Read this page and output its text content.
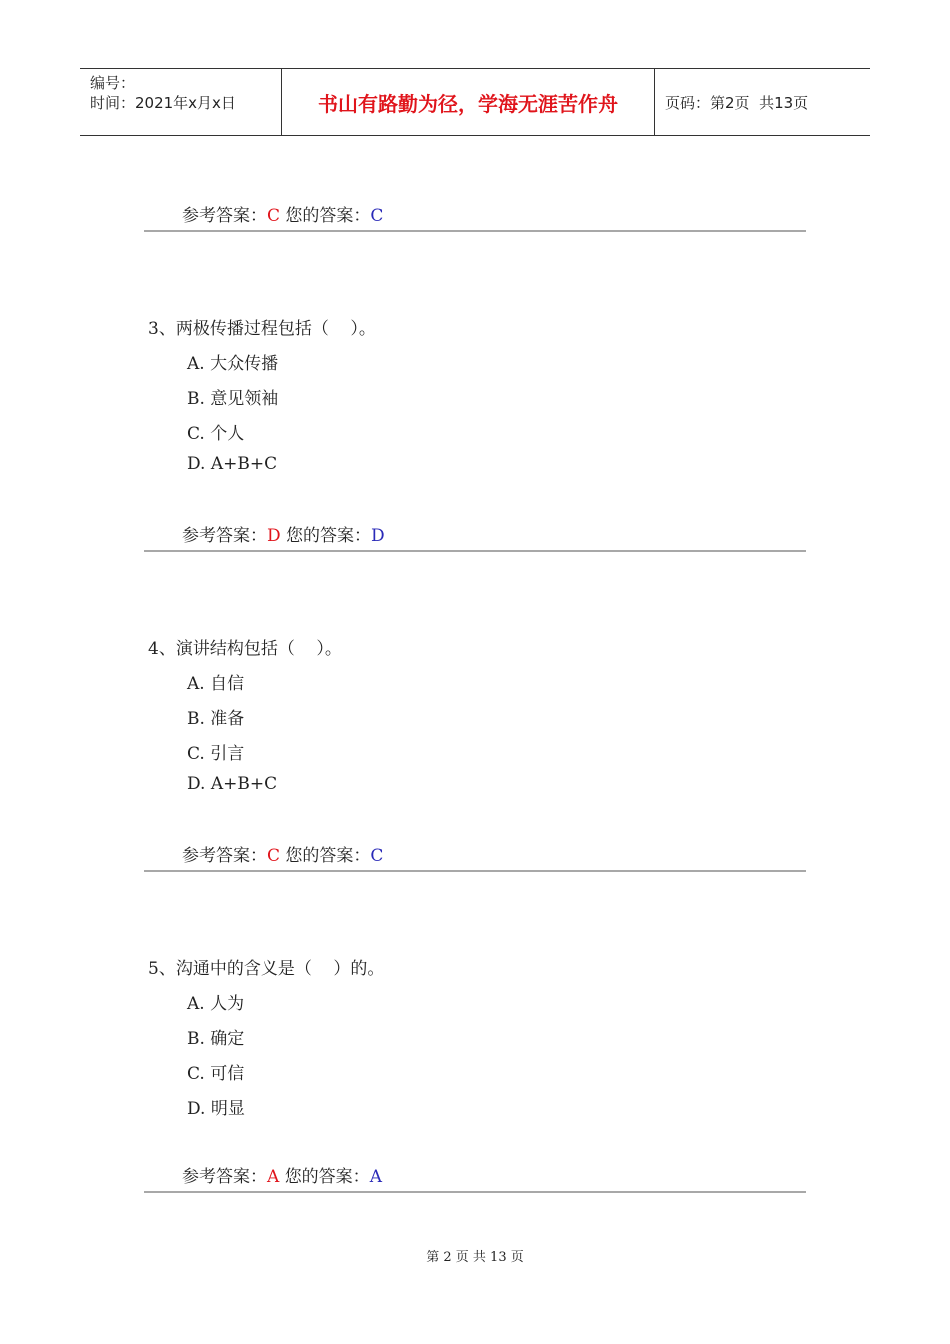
编号：
时间：2021年x月x日	书山有路勤为径，学海无涯苦作舟	页码：第2页  共13页
参考答案：C 您的答案：C
3、两极传播过程包括（    ）。
A. 大众传播
B. 意见领袖
C. 个人
D. A+B+C
参考答案：D 您的答案：D
4、演讲结构包括（    ）。
A. 自信
B. 准备
C. 引言
D. A+B+C
参考答案：C 您的答案：C
5、沟通中的含义是（    ）的。
A. 人为
B. 确定
C. 可信
D. 明显
参考答案：A 您的答案：A
第 2 页 共 13 页
